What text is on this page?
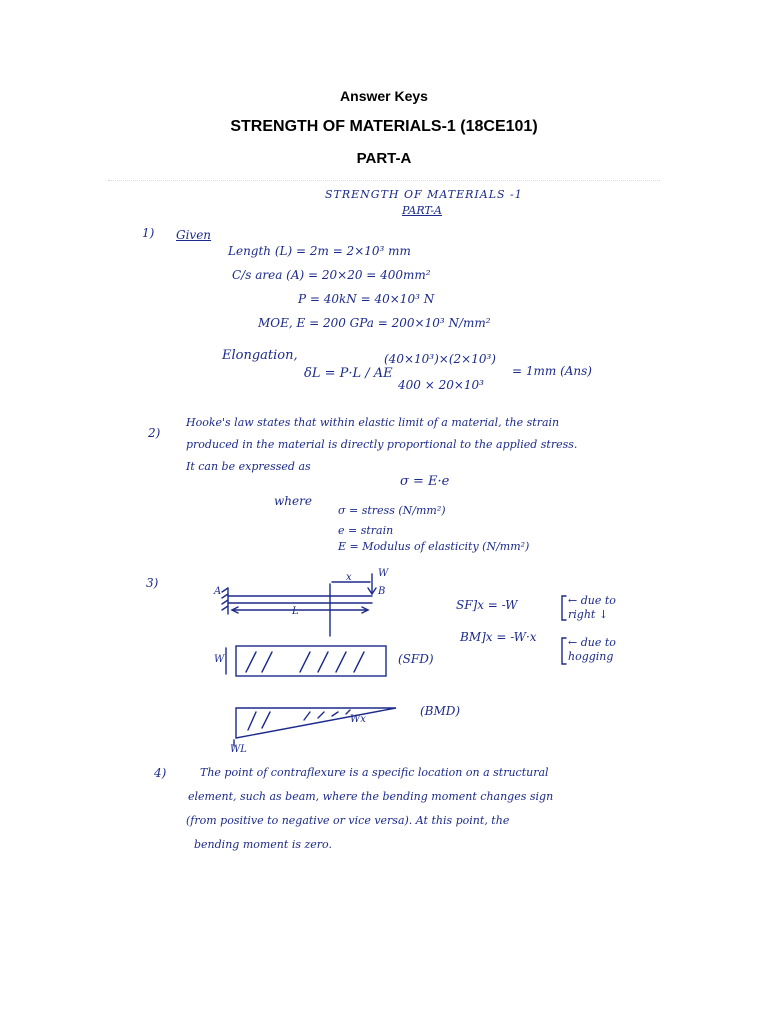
Answer Keys
STRENGTH OF MATERIALS-1 (18CE101)
PART-A
STRENGTH OF MATERIALS -1
PART-A
1) Given
Length (L) = 2m = 2×10³ mm
C/s area (A) = 20×20 = 400mm²
P = 40kN = 40×10³ N
MOE, E = 200 GPa = 200×10³ N/mm²
Elongation,
δL = P·L / AE
(40×10³)×(2×10³)
400 × 20×10³
= 1mm (Ans)
2)
Hooke's law states that within elastic limit of a material, the strain
produced in the material is directly proportional to the applied stress.
It can be expressed as
σ = E·e
where
σ = stress (N/mm²)
e = strain
E = Modulus of elasticity (N/mm²)
3)
A	B
W
x
L	SF]x = -W	← due to
right ↓
BM]x = -W·x	← due to
hogging
(SFD)
W
(BMD)
Wx
WL
4)	The point of contraflexure is a specific location on a structural
element, such as beam, where the bending moment changes sign
(from positive to negative or vice versa). At this point, the
bending moment is zero.
